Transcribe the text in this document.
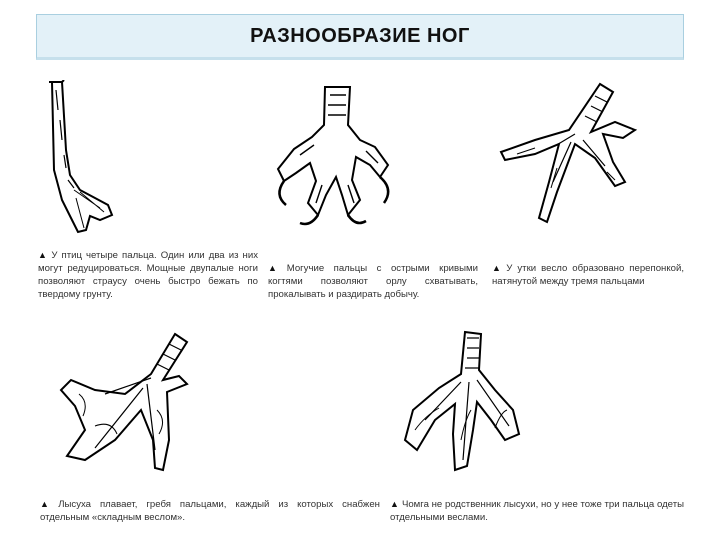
РАЗНООБРАЗИЕ НОГ
▲ У птиц четыре пальца. Один или два из них могут редуцироваться. Мощные двупалые ноги позволяют страусу очень быстро бежать по твердому грунту.
▲ Могучие пальцы с острыми кривыми когтями позволяют орлу схватывать, прокалывать и раздирать добычу.
▲ У утки весло образовано перепонкой, натянутой между тремя пальцами
▲ Лысуха плавает, гребя пальцами, каждый из которых снабжен отдельным «складным веслом».
▲ Чомга не родственник лысухи, но у нее тоже три пальца одеты отдельными веслами.
